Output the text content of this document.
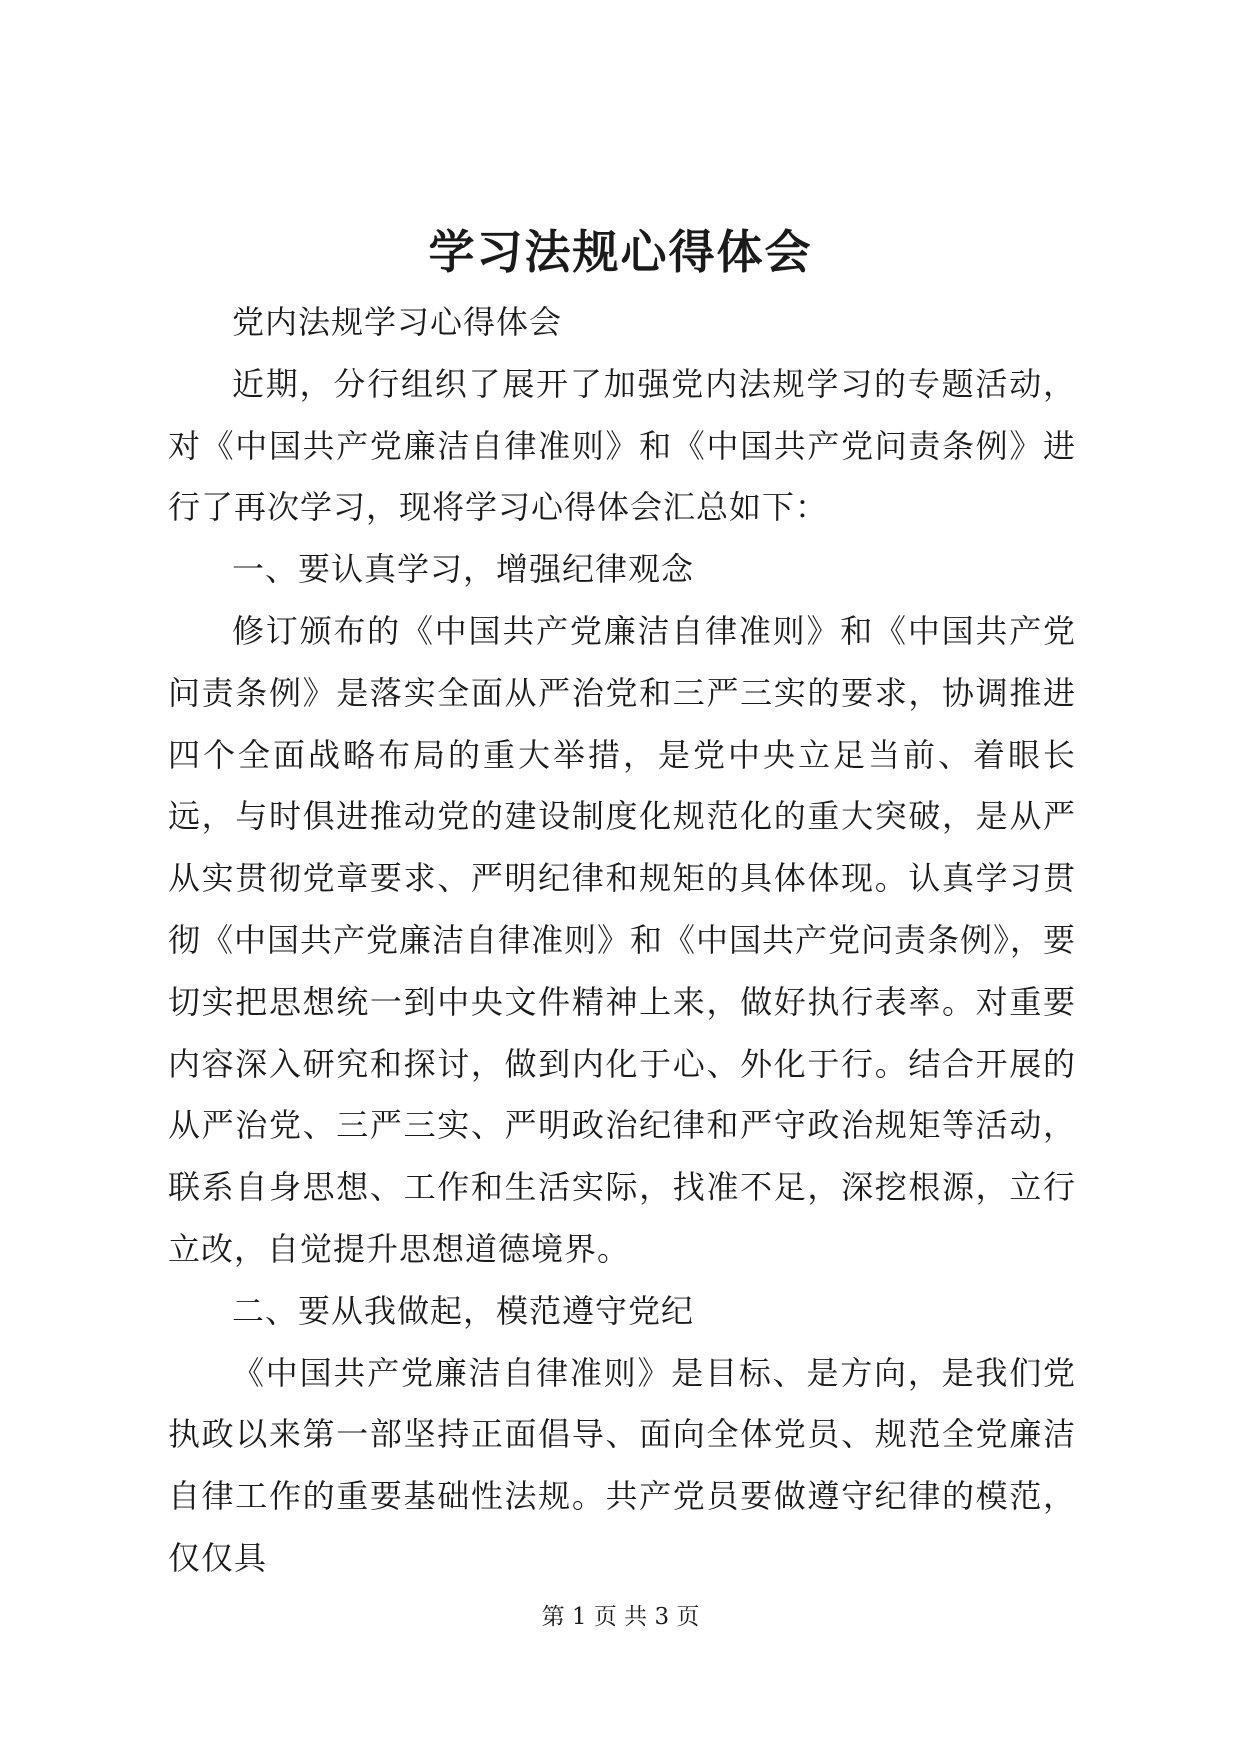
学习法规心得体会

党内法规学习心得体会

近期，分行组织了展开了加强党内法规学习的专题活动，对《中国共产党廉洁自律准则》和《中国共产党问责条例》进行了再次学习，现将学习心得体会汇总如下：

一、要认真学习，增强纪律观念

修订颁布的《中国共产党廉洁自律准则》和《中国共产党问责条例》是落实全面从严治党和三严三实的要求，协调推进四个全面战略布局的重大举措，是党中央立足当前、着眼长远，与时俱进推动党的建设制度化规范化的重大突破，是从严从实贯彻党章要求、严明纪律和规矩的具体体现。认真学习贯彻《中国共产党廉洁自律准则》和《中国共产党问责条例》，要切实把思想统一到中央文件精神上来，做好执行表率。对重要内容深入研究和探讨，做到内化于心、外化于行。结合开展的从严治党、三严三实、严明政治纪律和严守政治规矩等活动，联系自身思想、工作和生活实际，找准不足，深挖根源，立行立改，自觉提升思想道德境界。

二、要从我做起，模范遵守党纪

《中国共产党廉洁自律准则》是目标、是方向，是我们党执政以来第一部坚持正面倡导、面向全体党员、规范全党廉洁自律工作的重要基础性法规。共产党员要做遵守纪律的模范，仅仅具

第 1 页 共 3 页
